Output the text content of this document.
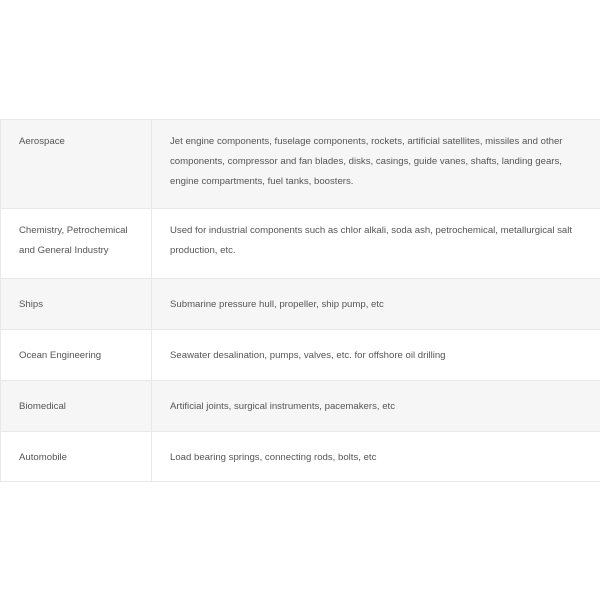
Aerospace	Jet engine components, fuselage components, rockets, artificial satellites, missiles and other components, compressor and fan blades, disks, casings, guide vanes, shafts, landing gears, engine compartments, fuel tanks, boosters.
Chemistry, Petrochemical and General Industry	Used for industrial components such as chlor alkali, soda ash, petrochemical, metallurgical salt production, etc.
Ships	Submarine pressure hull, propeller, ship pump, etc
Ocean Engineering	Seawater desalination, pumps, valves, etc. for offshore oil drilling
Biomedical	Artificial joints, surgical instruments, pacemakers, etc
Automobile	Load bearing springs, connecting rods, bolts, etc
